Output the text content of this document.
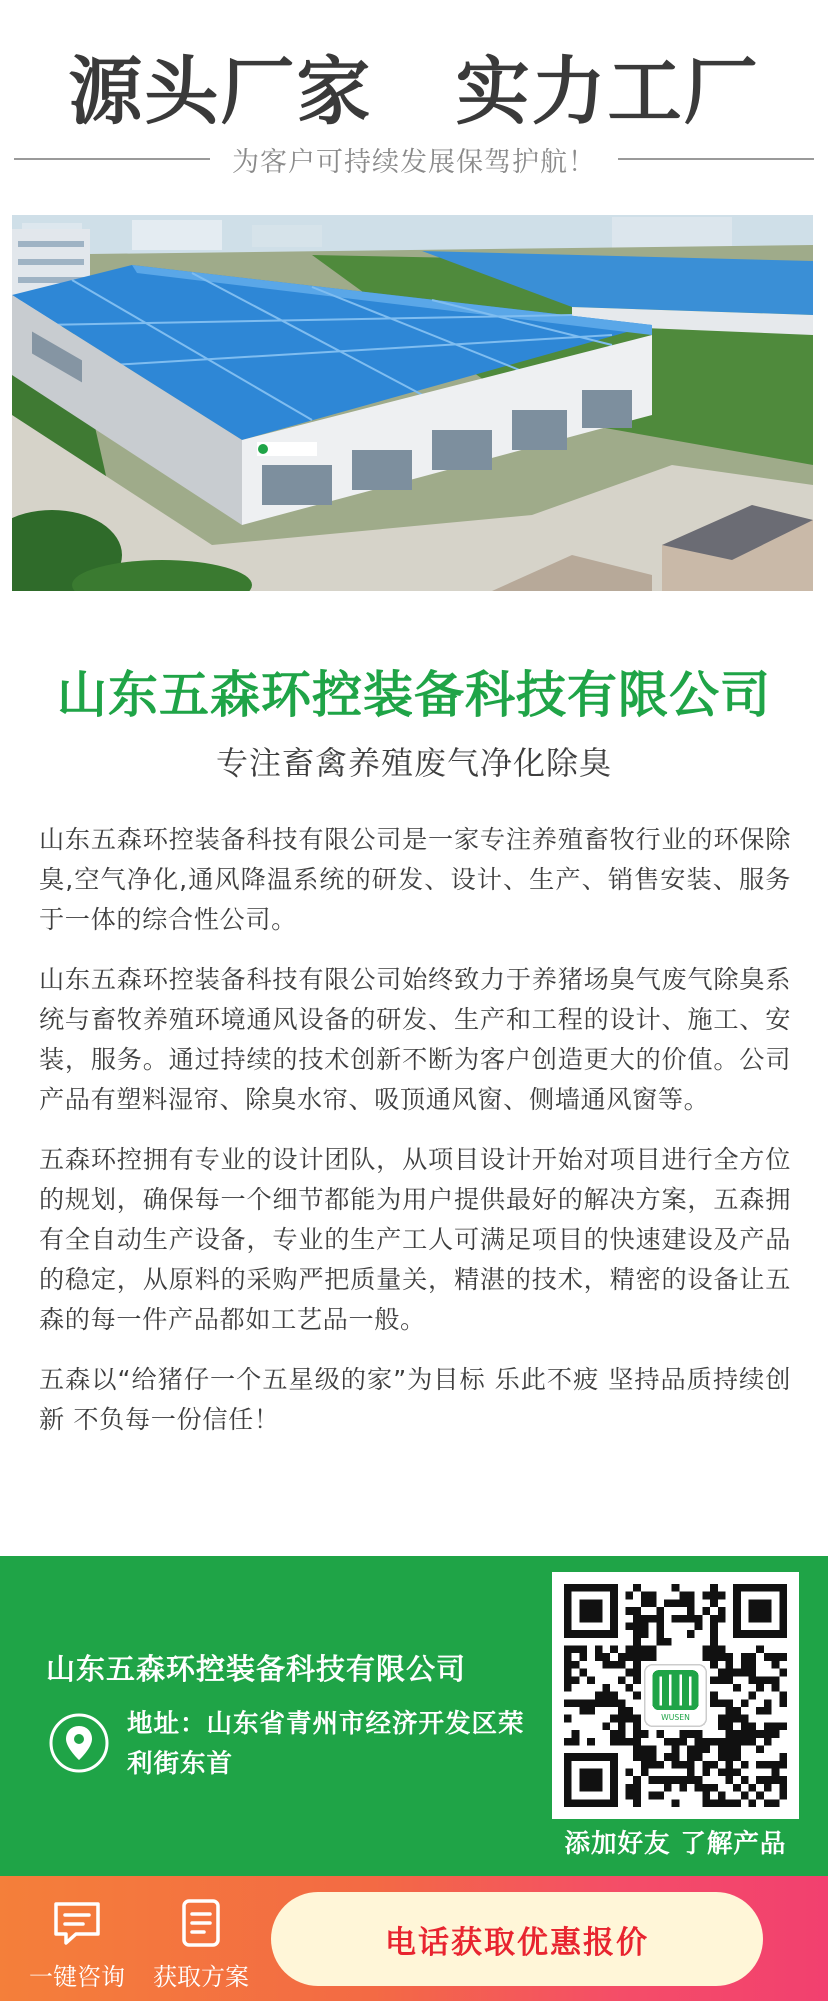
源头厂家   实力工厂
为客户可持续发展保驾护航！
山东五森环控装备科技有限公司
专注畜禽养殖废气净化除臭

山东五森环控装备科技有限公司是一家专注养殖畜牧行业的环保除臭,空气净化,通风降温系统的研发、设计、生产、销售安装、服务于一体的综合性公司。

山东五森环控装备科技有限公司始终致力于养猪场臭气废气除臭系统与畜牧养殖环境通风设备的研发、生产和工程的设计、施工、安装，服务。通过持续的技术创新不断为客户创造更大的价值。公司产品有塑料湿帘、除臭水帘、吸顶通风窗、侧墙通风窗等。

五森环控拥有专业的设计团队，从项目设计开始对项目进行全方位的规划，确保每一个细节都能为用户提供最好的解决方案，五森拥有全自动生产设备，专业的生产工人可满足项目的快速建设及产品的稳定，从原料的采购严把质量关，精湛的技术，精密的设备让五森的每一件产品都如工艺品一般。

五森以“给猪仔一个五星级的家”为目标 乐此不疲 坚持品质持续创新 不负每一份信任！

山东五森环控装备科技有限公司
地址：山东省青州市经济开发区荣利街东首
WUSEN
添加好友 了解产品
一键咨询 获取方案
电话获取优惠报价
